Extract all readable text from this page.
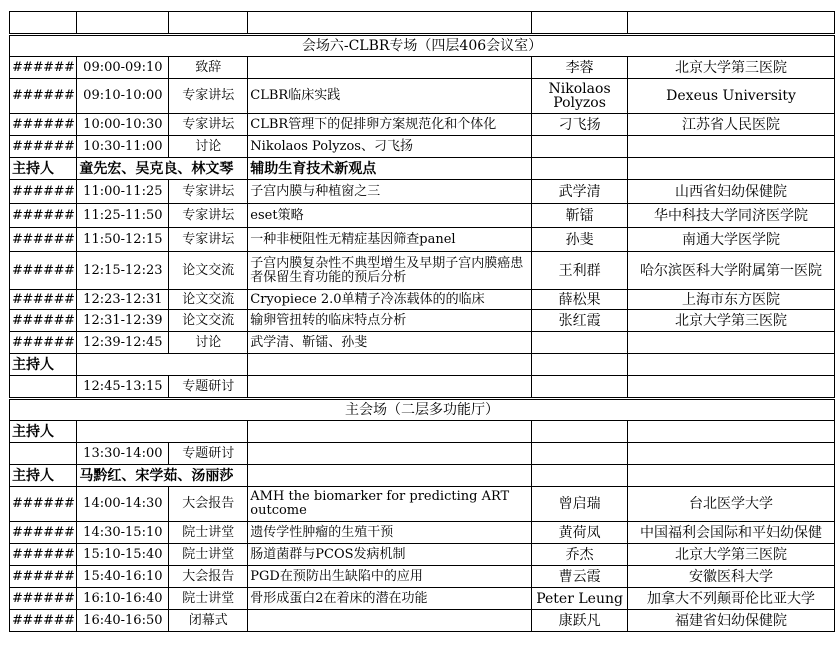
会场六-CLBR专场（四层406会议室）					
######	09:00-09:10	致辞		李蓉	北京大学第三医院
######	09:10-10:00	专家讲坛	CLBR临床实践	Nikolaos Polyzos	Dexeus University
######	10:00-10:30	专家讲坛	CLBR管理下的促排卵方案规范化和个体化	刁飞扬	江苏省人民医院
######	10:30-11:00	讨论	Nikolaos Polyzos、刁飞扬		
主持人	童先宏、吴克良、林文琴		辅助生育技术新观点		
######	11:00-11:25	专家讲坛	子宫内膜与种植窗之三	武学清	山西省妇幼保健院
######	11:25-11:50	专家讲坛	eset策略	靳镭	华中科技大学同济医学院
######	11:50-12:15	专家讲坛	一种非梗阻性无精症基因筛查panel	孙斐	南通大学医学院
######	12:15-12:23	论文交流	子宫内膜复杂性不典型增生及早期子宫内膜癌患者保留生育功能的预后分析	王利群	哈尔滨医科大学附属第一医院
######	12:23-12:31	论文交流	Cryopiece 2.0单精子冷冻载体的的临床	薛松果	上海市东方医院
######	12:31-12:39	论文交流	输卵管扭转的临床特点分析	张红霞	北京大学第三医院
######	12:39-12:45	讨论	武学清、靳镭、孙斐		
主持人					
	12:45-13:15	专题研讨			

主会场（二层多功能厅）					
主持人					
	13:30-14:00	专题研讨			
主持人	马黔红、宋学茹、汤丽莎				
######	14:00-14:30	大会报告	AMH the biomarker for predicting ART outcome	曾启瑞	台北医学大学
######	14:30-15:10	院士讲堂	遗传学性肿瘤的生殖干预	黄荷凤	中国福利会国际和平妇幼保健
######	15:10-15:40	院士讲堂	肠道菌群与PCOS发病机制	乔杰	北京大学第三医院
######	15:40-16:10	大会报告	PGD在预防出生缺陷中的应用	曹云霞	安徽医科大学
######	16:10-16:40	院士讲堂	骨形成蛋白2在着床的潜在功能	Peter Leung	加拿大不列颠哥伦比亚大学
######	16:40-16:50	闭幕式		康跃凡	福建省妇幼保健院
